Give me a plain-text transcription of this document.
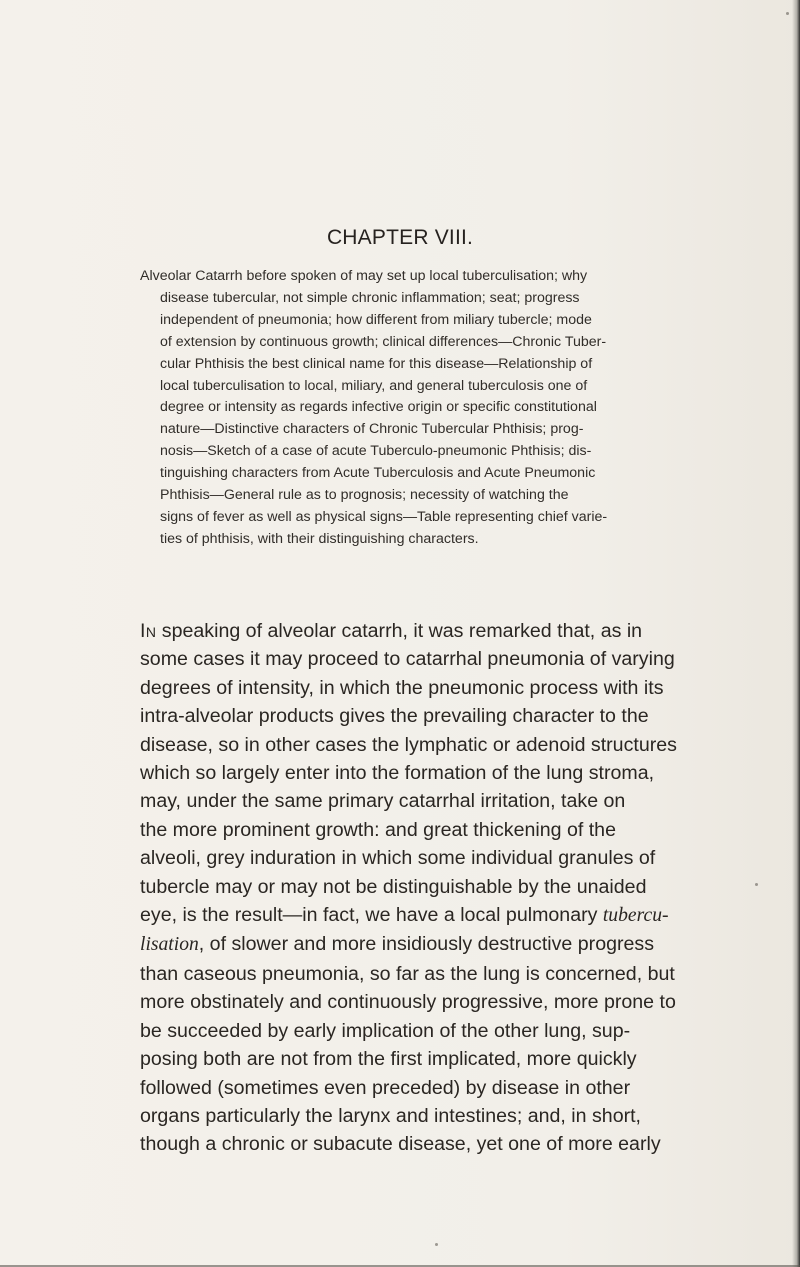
CHAPTER VIII.
Alveolar Catarrh before spoken of may set up local tuberculisation; why
disease tubercular, not simple chronic inflammation; seat; progress
independent of pneumonia; how different from miliary tubercle; mode
of extension by continuous growth; clinical differences—Chronic Tuber-
cular Phthisis the best clinical name for this disease—Relationship of
local tuberculisation to local, miliary, and general tuberculosis one of
degree or intensity as regards infective origin or specific constitutional
nature—Distinctive characters of Chronic Tubercular Phthisis; prog-
nosis—Sketch of a case of acute Tuberculo-pneumonic Phthisis; dis-
tinguishing characters from Acute Tuberculosis and Acute Pneumonic
Phthisis—General rule as to prognosis; necessity of watching the
signs of fever as well as physical signs—Table representing chief varie-
ties of phthisis, with their distinguishing characters.
In speaking of alveolar catarrh, it was remarked that, as in
some cases it may proceed to catarrhal pneumonia of varying
degrees of intensity, in which the pneumonic process with its
intra-alveolar products gives the prevailing character to the
disease, so in other cases the lymphatic or adenoid structures
which so largely enter into the formation of the lung stroma,
may, under the same primary catarrhal irritation, take on
the more prominent growth: and great thickening of the
alveoli, grey induration in which some individual granules of
tubercle may or may not be distinguishable by the unaided
eye, is the result—in fact, we have a local pulmonary tubercu-
lisation, of slower and more insidiously destructive progress
than caseous pneumonia, so far as the lung is concerned, but
more obstinately and continuously progressive, more prone to
be succeeded by early implication of the other lung, sup-
posing both are not from the first implicated, more quickly
followed (sometimes even preceded) by disease in other
organs particularly the larynx and intestines; and, in short,
though a chronic or subacute disease, yet one of more early
